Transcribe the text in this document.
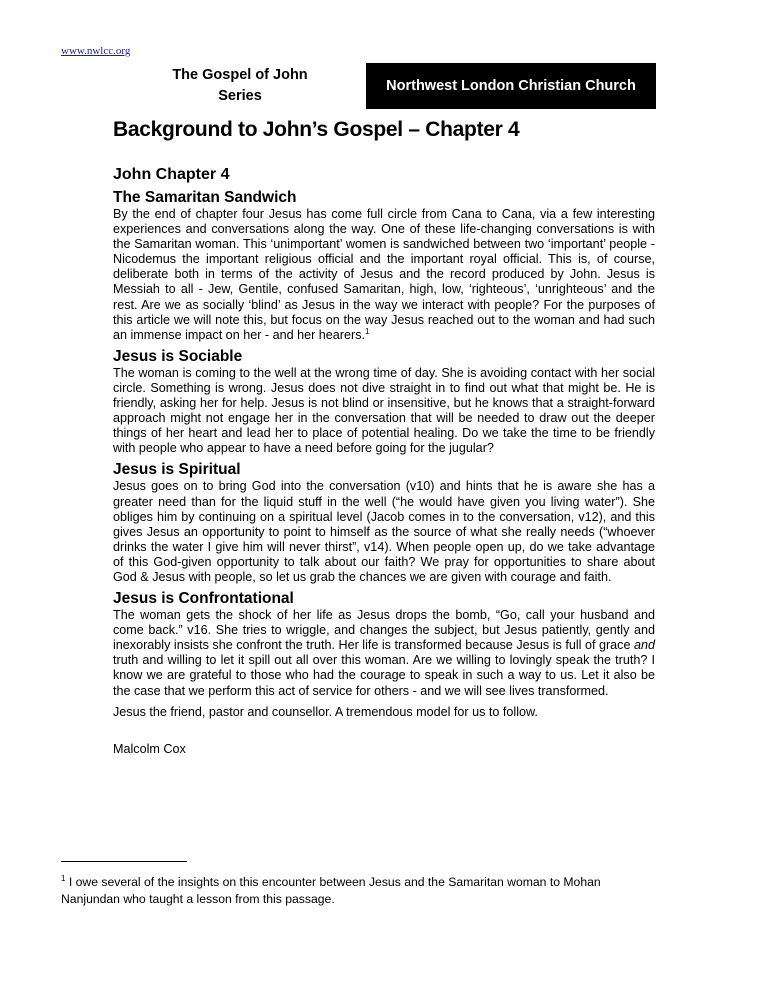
www.nwlcc.org
The Gospel of John
Series
Northwest London Christian Church
Background to John’s Gospel – Chapter 4
John Chapter 4
The Samaritan Sandwich

By the end of chapter four Jesus has come full circle from Cana to Cana, via a few interesting experiences and conversations along the way. One of these life-changing conversations is with the Samaritan woman. This ‘unimportant’ women is sandwiched between two ‘important’ people - Nicodemus the important religious official and the important royal official. This is, of course, deliberate both in terms of the activity of Jesus and the record produced by John. Jesus is Messiah to all - Jew, Gentile, confused Samaritan, high, low, ‘righteous’, ‘unrighteous’ and the rest. Are we as socially ‘blind’ as Jesus in the way we interact with people? For the purposes of this article we will note this, but focus on the way Jesus reached out to the woman and had such an immense impact on her - and her hearers.$^1$

Jesus is Sociable

The woman is coming to the well at the wrong time of day. She is avoiding contact with her social circle. Something is wrong. Jesus does not dive straight in to find out what that might be. He is friendly, asking her for help. Jesus is not blind or insensitive, but he knows that a straight-forward approach might not engage her in the conversation that will be needed to draw out the deeper things of her heart and lead her to place of potential healing. Do we take the time to be friendly with people who appear to have a need before going for the jugular?

Jesus is Spiritual

Jesus goes on to bring God into the conversation (v10) and hints that he is aware she has a greater need than for the liquid stuff in the well (“he would have given you living water”). She obliges him by continuing on a spiritual level (Jacob comes in to the conversation, v12), and this gives Jesus an opportunity to point to himself as the source of what she really needs (“whoever drinks the water I give him will never thirst”, v14). When people open up, do we take advantage of this God-given opportunity to talk about our faith? We pray for opportunities to share about God & Jesus with people, so let us grab the chances we are given with courage and faith.

Jesus is Confrontational

The woman gets the shock of her life as Jesus drops the bomb, “Go, call your husband and come back.” v16. She tries to wriggle, and changes the subject, but Jesus patiently, gently and inexorably insists she confront the truth. Her life is transformed because Jesus is full of grace and truth and willing to let it spill out all over this woman. Are we willing to lovingly speak the truth? I know we are grateful to those who had the courage to speak in such a way to us. Let it also be the case that we perform this act of service for others - and we will see lives transformed.

Jesus the friend, pastor and counsellor. A tremendous model for us to follow.

Malcolm Cox

$^1$ I owe several of the insights on this encounter between Jesus and the Samaritan woman to Mohan Nanjundan who taught a lesson from this passage.
